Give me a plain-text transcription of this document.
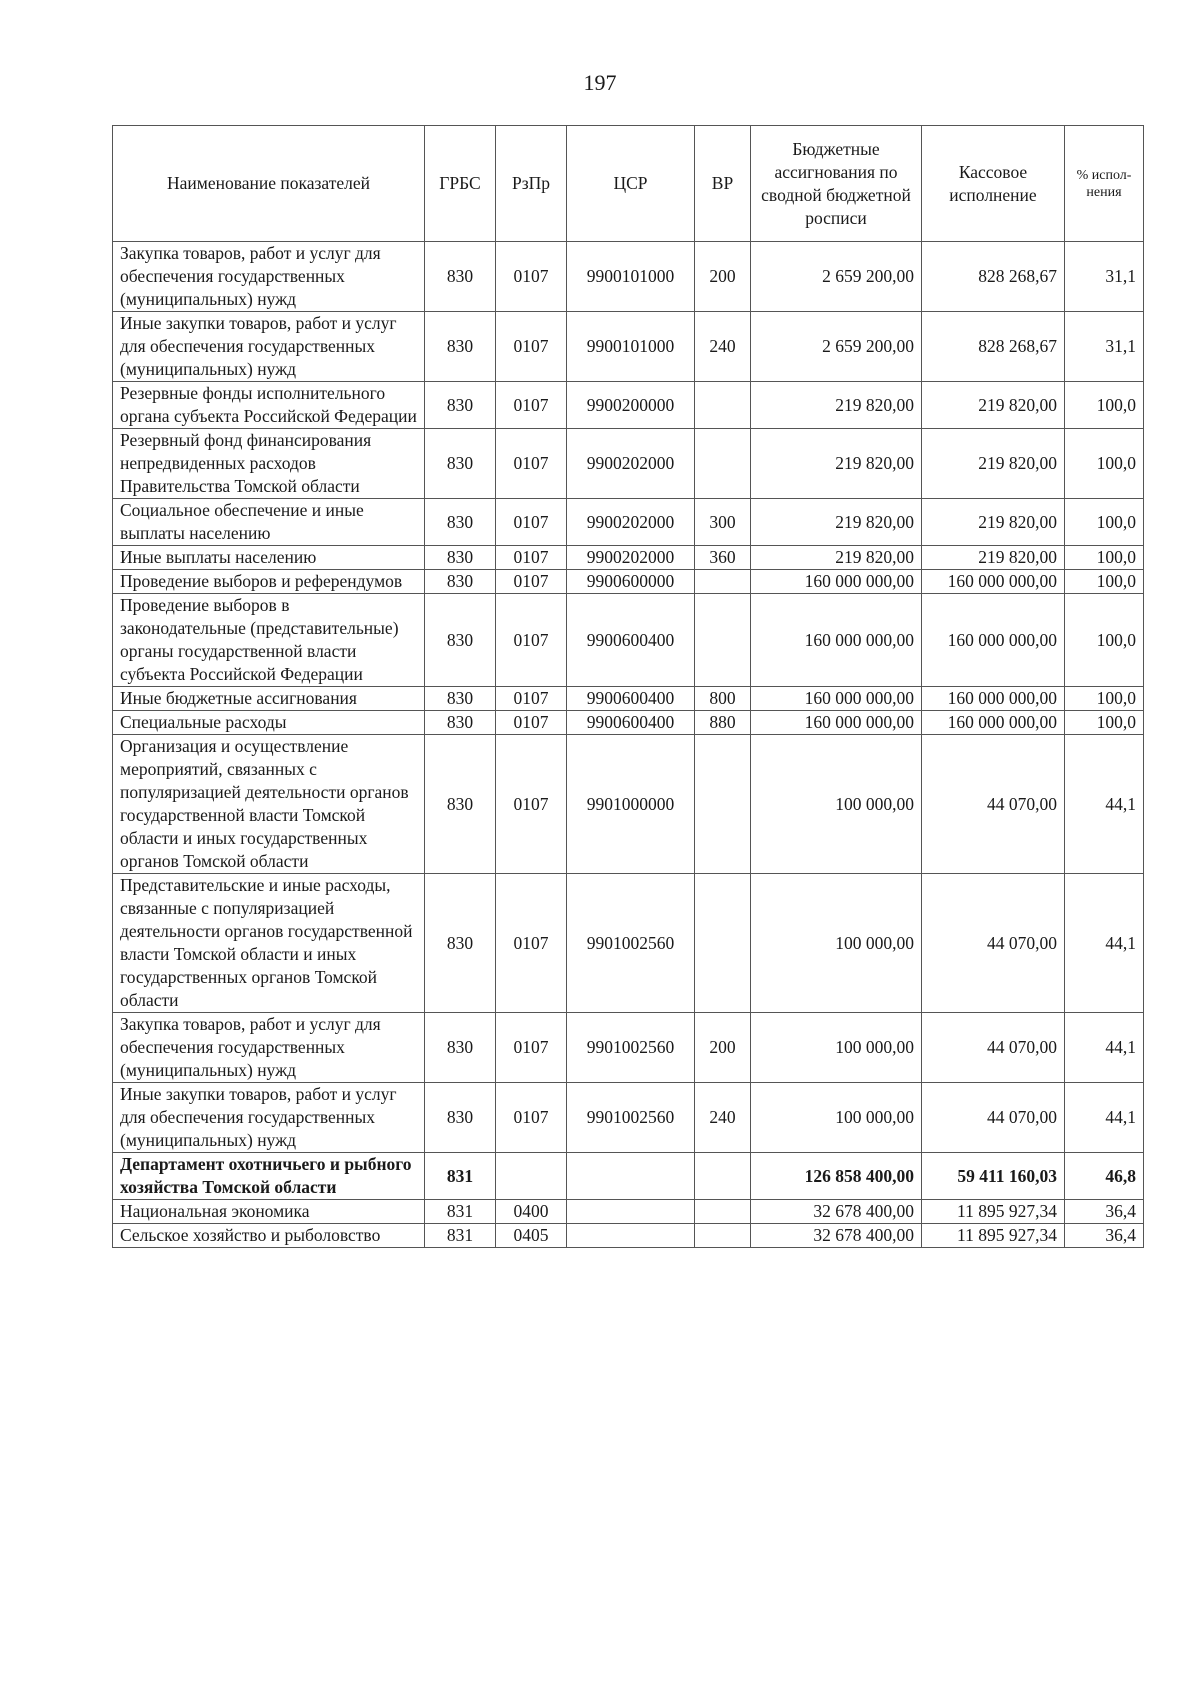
197
Наименование показателей	ГРБС	РзПр	ЦСР	ВР	Бюджетные ассигнования по сводной бюджетной росписи	Кассовое исполнение	% испол-нения
Закупка товаров, работ и услуг для обеспечения государственных (муниципальных) нужд	830	0107	9900101000	200	2 659 200,00	828 268,67	31,1
Иные закупки товаров, работ и услуг для обеспечения государственных (муниципальных) нужд	830	0107	9900101000	240	2 659 200,00	828 268,67	31,1
Резервные фонды исполнительного органа субъекта Российской Федерации	830	0107	9900200000		219 820,00	219 820,00	100,0
Резервный фонд финансирования непредвиденных расходов Правительства Томской области	830	0107	9900202000		219 820,00	219 820,00	100,0
Социальное обеспечение и иные выплаты населению	830	0107	9900202000	300	219 820,00	219 820,00	100,0
Иные выплаты населению	830	0107	9900202000	360	219 820,00	219 820,00	100,0
Проведение выборов и референдумов	830	0107	9900600000		160 000 000,00	160 000 000,00	100,0
Проведение выборов в законодательные (представительные) органы государственной власти субъекта Российской Федерации	830	0107	9900600400		160 000 000,00	160 000 000,00	100,0
Иные бюджетные ассигнования	830	0107	9900600400	800	160 000 000,00	160 000 000,00	100,0
Специальные расходы	830	0107	9900600400	880	160 000 000,00	160 000 000,00	100,0
Организация и осуществление мероприятий, связанных с популяризацией деятельности органов государственной власти Томской области и иных государственных органов Томской области	830	0107	9901000000		100 000,00	44 070,00	44,1
Представительские и иные расходы, связанные с популяризацией деятельности органов государственной власти Томской области и иных государственных органов Томской области	830	0107	9901002560		100 000,00	44 070,00	44,1
Закупка товаров, работ и услуг для обеспечения государственных (муниципальных) нужд	830	0107	9901002560	200	100 000,00	44 070,00	44,1
Иные закупки товаров, работ и услуг для обеспечения государственных (муниципальных) нужд	830	0107	9901002560	240	100 000,00	44 070,00	44,1
Департамент охотничьего и рыбного хозяйства Томской области	831				126 858 400,00	59 411 160,03	46,8
Национальная экономика	831	0400			32 678 400,00	11 895 927,34	36,4
Сельское хозяйство и рыболовство	831	0405			32 678 400,00	11 895 927,34	36,4
